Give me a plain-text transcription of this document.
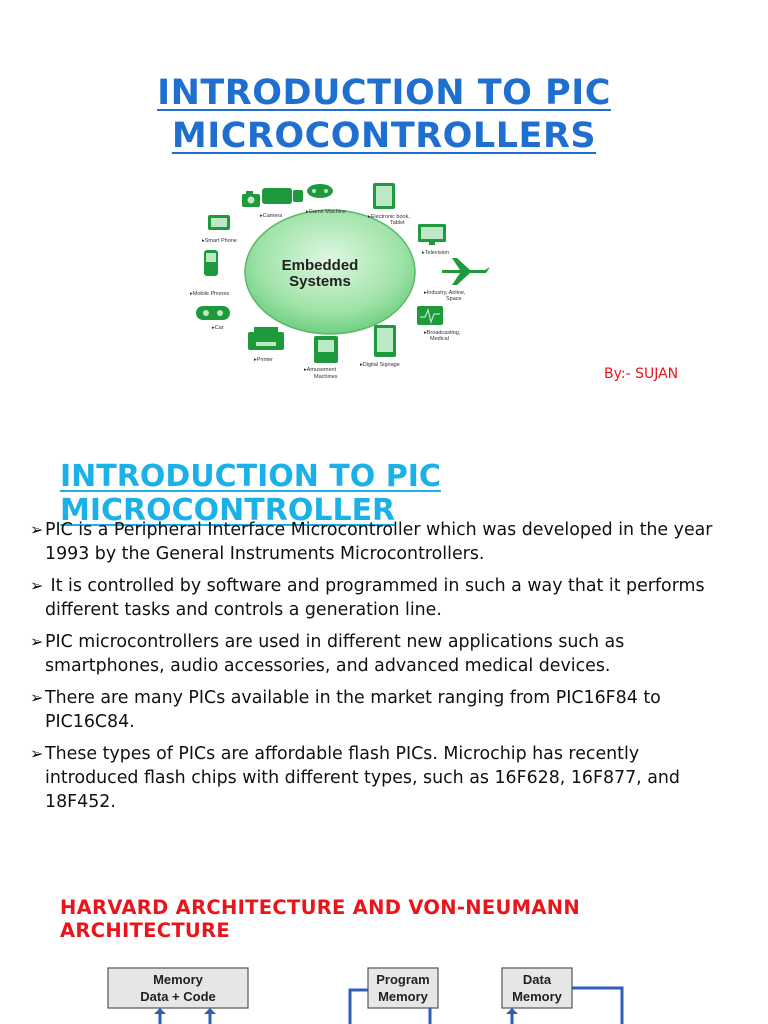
INTRODUCTION TO PIC
MICROCONTROLLERS
Embedded
Systems
▸Camera
▸Game Machine
▸Electronic book,
Tablet
▸Smart Phone
▸Television
▸Mobile Phones	▸Industry, Airline,
Space
▸Car
▸Broadcasting,
Medical
▸Printer
▸Amusement
Machines
▸Digital Signage
By:- SUJAN
INTRODUCTION TO PIC
MICROCONTROLLER
➢ PIC is a Peripheral Interface Microcontroller which was developed in the year
1993 by the General Instruments Microcontrollers.
➢ It is controlled by software and programmed in such a way that it performs
different tasks and controls a generation line.
➢ PIC microcontrollers are used in different new applications such as
smartphones, audio accessories, and advanced medical devices.
➢ There are many PICs available in the market ranging from PIC16F84 to
PIC16C84.
➢ These types of PICs are affordable flash PICs. Microchip has recently
introduced flash chips with different types, such as 16F628, 16F877, and
18F452.
HARVARD ARCHITECTURE AND VON-NEUMANN
ARCHITECTURE
Memory
Data + Code
Program
Memory
Data
Memory
